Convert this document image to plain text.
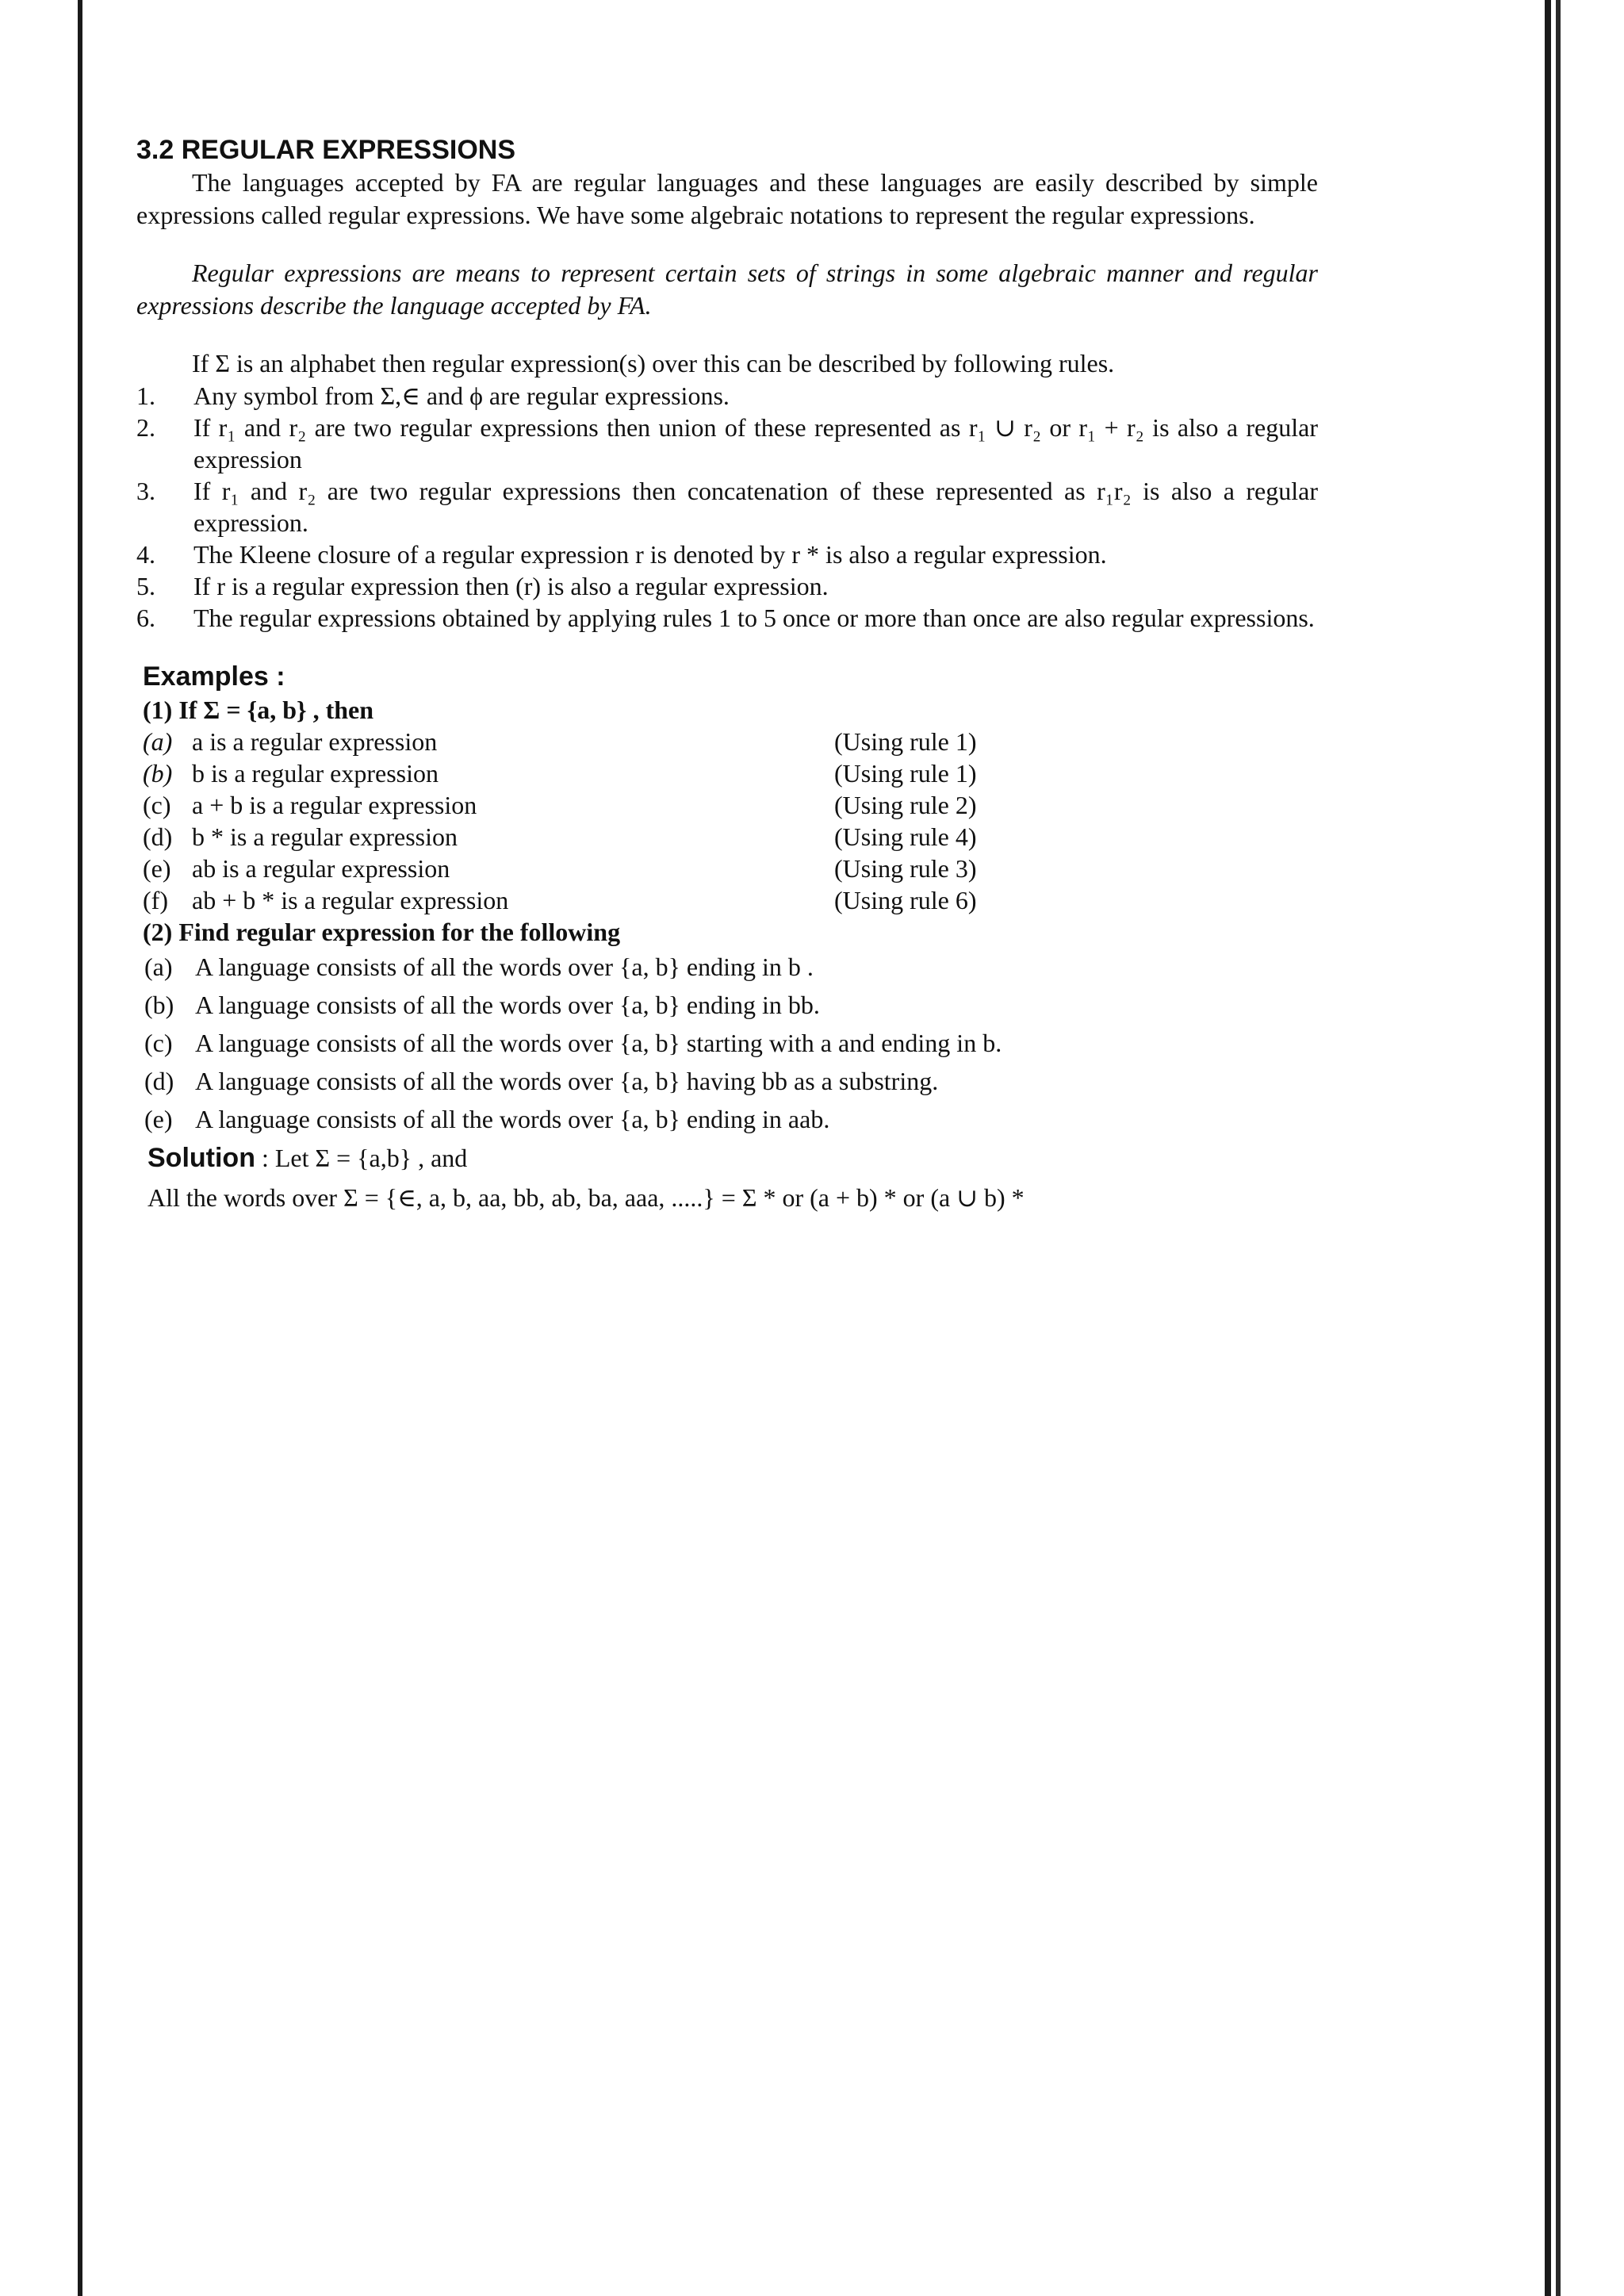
3.2 REGULAR EXPRESSIONS

The languages accepted by FA are regular languages and these languages are easily described by simple expressions called regular expressions. We have some algebraic notations to represent the regular expressions.

Regular expressions are means to represent certain sets of strings in some algebraic manner and regular expressions describe the language accepted by FA.

If Σ is an alphabet then regular expression(s) over this can be described by following rules.

1.	Any symbol from Σ,∈ and ϕ are regular expressions.
2.	If r₁ and r₂ are two regular expressions then union of these represented as r₁ ∪ r₂ or r₁ + r₂ is also a regular expression
3.	If r₁ and r₂ are two regular expressions then concatenation of these represented as r₁r₂ is also a regular expression.
4.	The Kleene closure of a regular expression r is denoted by r * is also a regular expression.
5.	If r is a regular expression then (r) is also a regular expression.
6.	The regular expressions obtained by applying rules 1 to 5 once or more than once are also regular expressions.
Examples :
(1) If Σ = {a, b} , then
(a) a is a regular expression	(Using rule 1)
(b) b is a regular expression	(Using rule 1)
(c) a + b is a regular expression	(Using rule 2)
(d) b * is a regular expression	(Using rule 4)
(e) ab is a regular expression	(Using rule 3)
(f) ab + b * is a regular expression	(Using rule 6)
(2) Find regular expression for the following
(a) A language consists of all the words over {a, b} ending in b .
(b) A language consists of all the words over {a, b} ending in bb.
(c) A language consists of all the words over {a, b} starting with a and ending in b.
(d) A language consists of all the words over {a, b} having bb as a substring.
(e) A language consists of all the words over {a, b} ending in aab.
Solution : Let Σ = {a,b} , and
All the words over Σ = {∈, a, b, aa, bb, ab, ba, aaa, .....} = Σ * or (a + b) * or (a ∪ b) *
